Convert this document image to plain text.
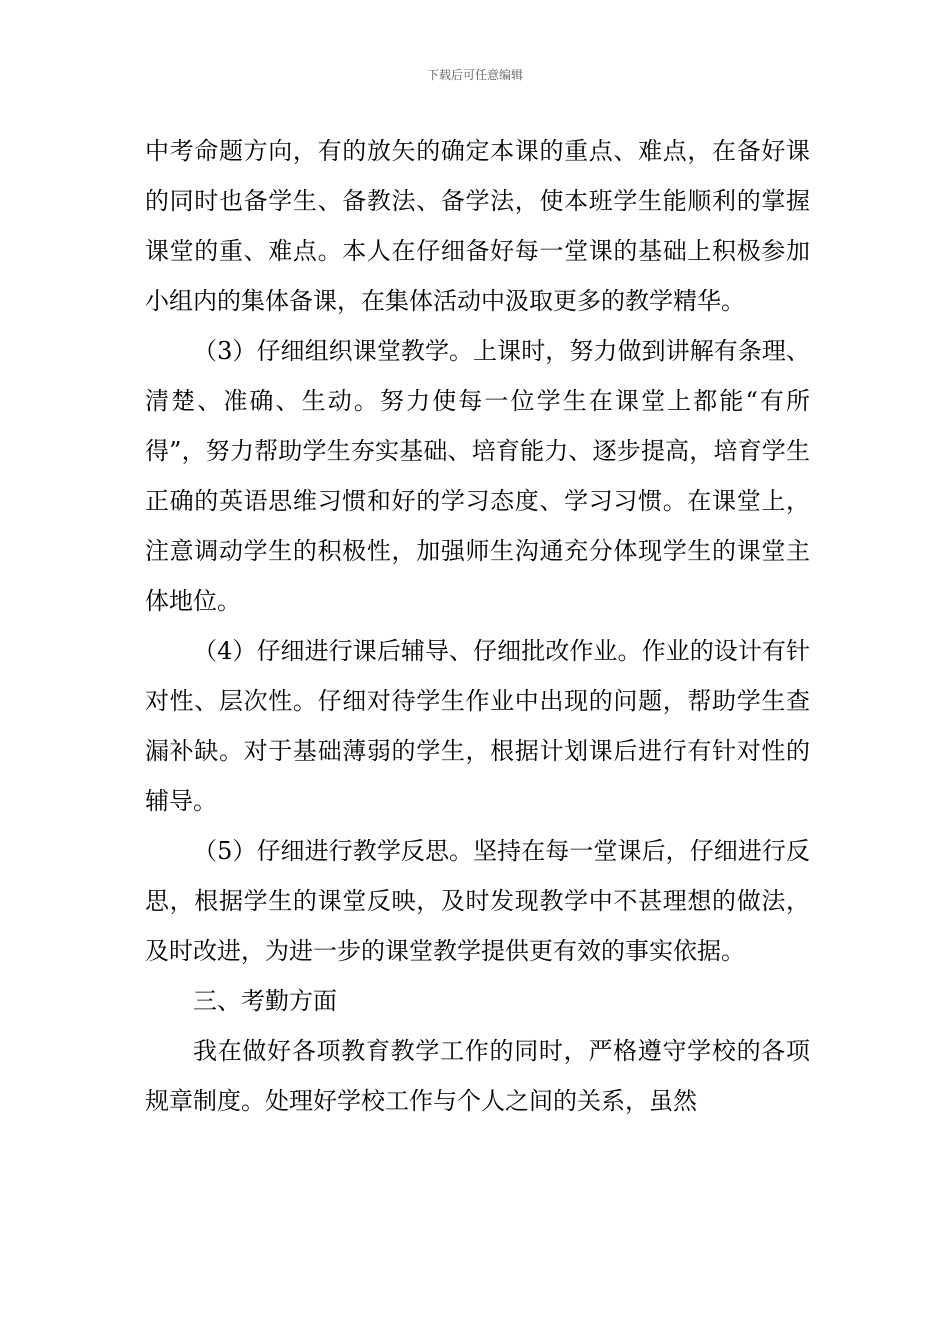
下载后可任意编辑

中考命题方向，有的放矢的确定本课的重点、难点，在备好课的同时也备学生、备教法、备学法，使本班学生能顺利的掌握课堂的重、难点。本人在仔细备好每一堂课的基础上积极参加小组内的集体备课，在集体活动中汲取更多的教学精华。

（3）仔细组织课堂教学。上课时，努力做到讲解有条理、清楚、准确、生动。努力使每一位学生在课堂上都能“有所得”，努力帮助学生夯实基础、培育能力、逐步提高，培育学生正确的英语思维习惯和好的学习态度、学习习惯。在课堂上，注意调动学生的积极性，加强师生沟通充分体现学生的课堂主体地位。

（4）仔细进行课后辅导、仔细批改作业。作业的设计有针对性、层次性。仔细对待学生作业中出现的问题，帮助学生查漏补缺。对于基础薄弱的学生，根据计划课后进行有针对性的辅导。

（5）仔细进行教学反思。坚持在每一堂课后，仔细进行反思，根据学生的课堂反映，及时发现教学中不甚理想的做法，及时改进，为进一步的课堂教学提供更有效的事实依据。

三、考勤方面

我在做好各项教育教学工作的同时，严格遵守学校的各项规章制度。处理好学校工作与个人之间的关系，虽然
